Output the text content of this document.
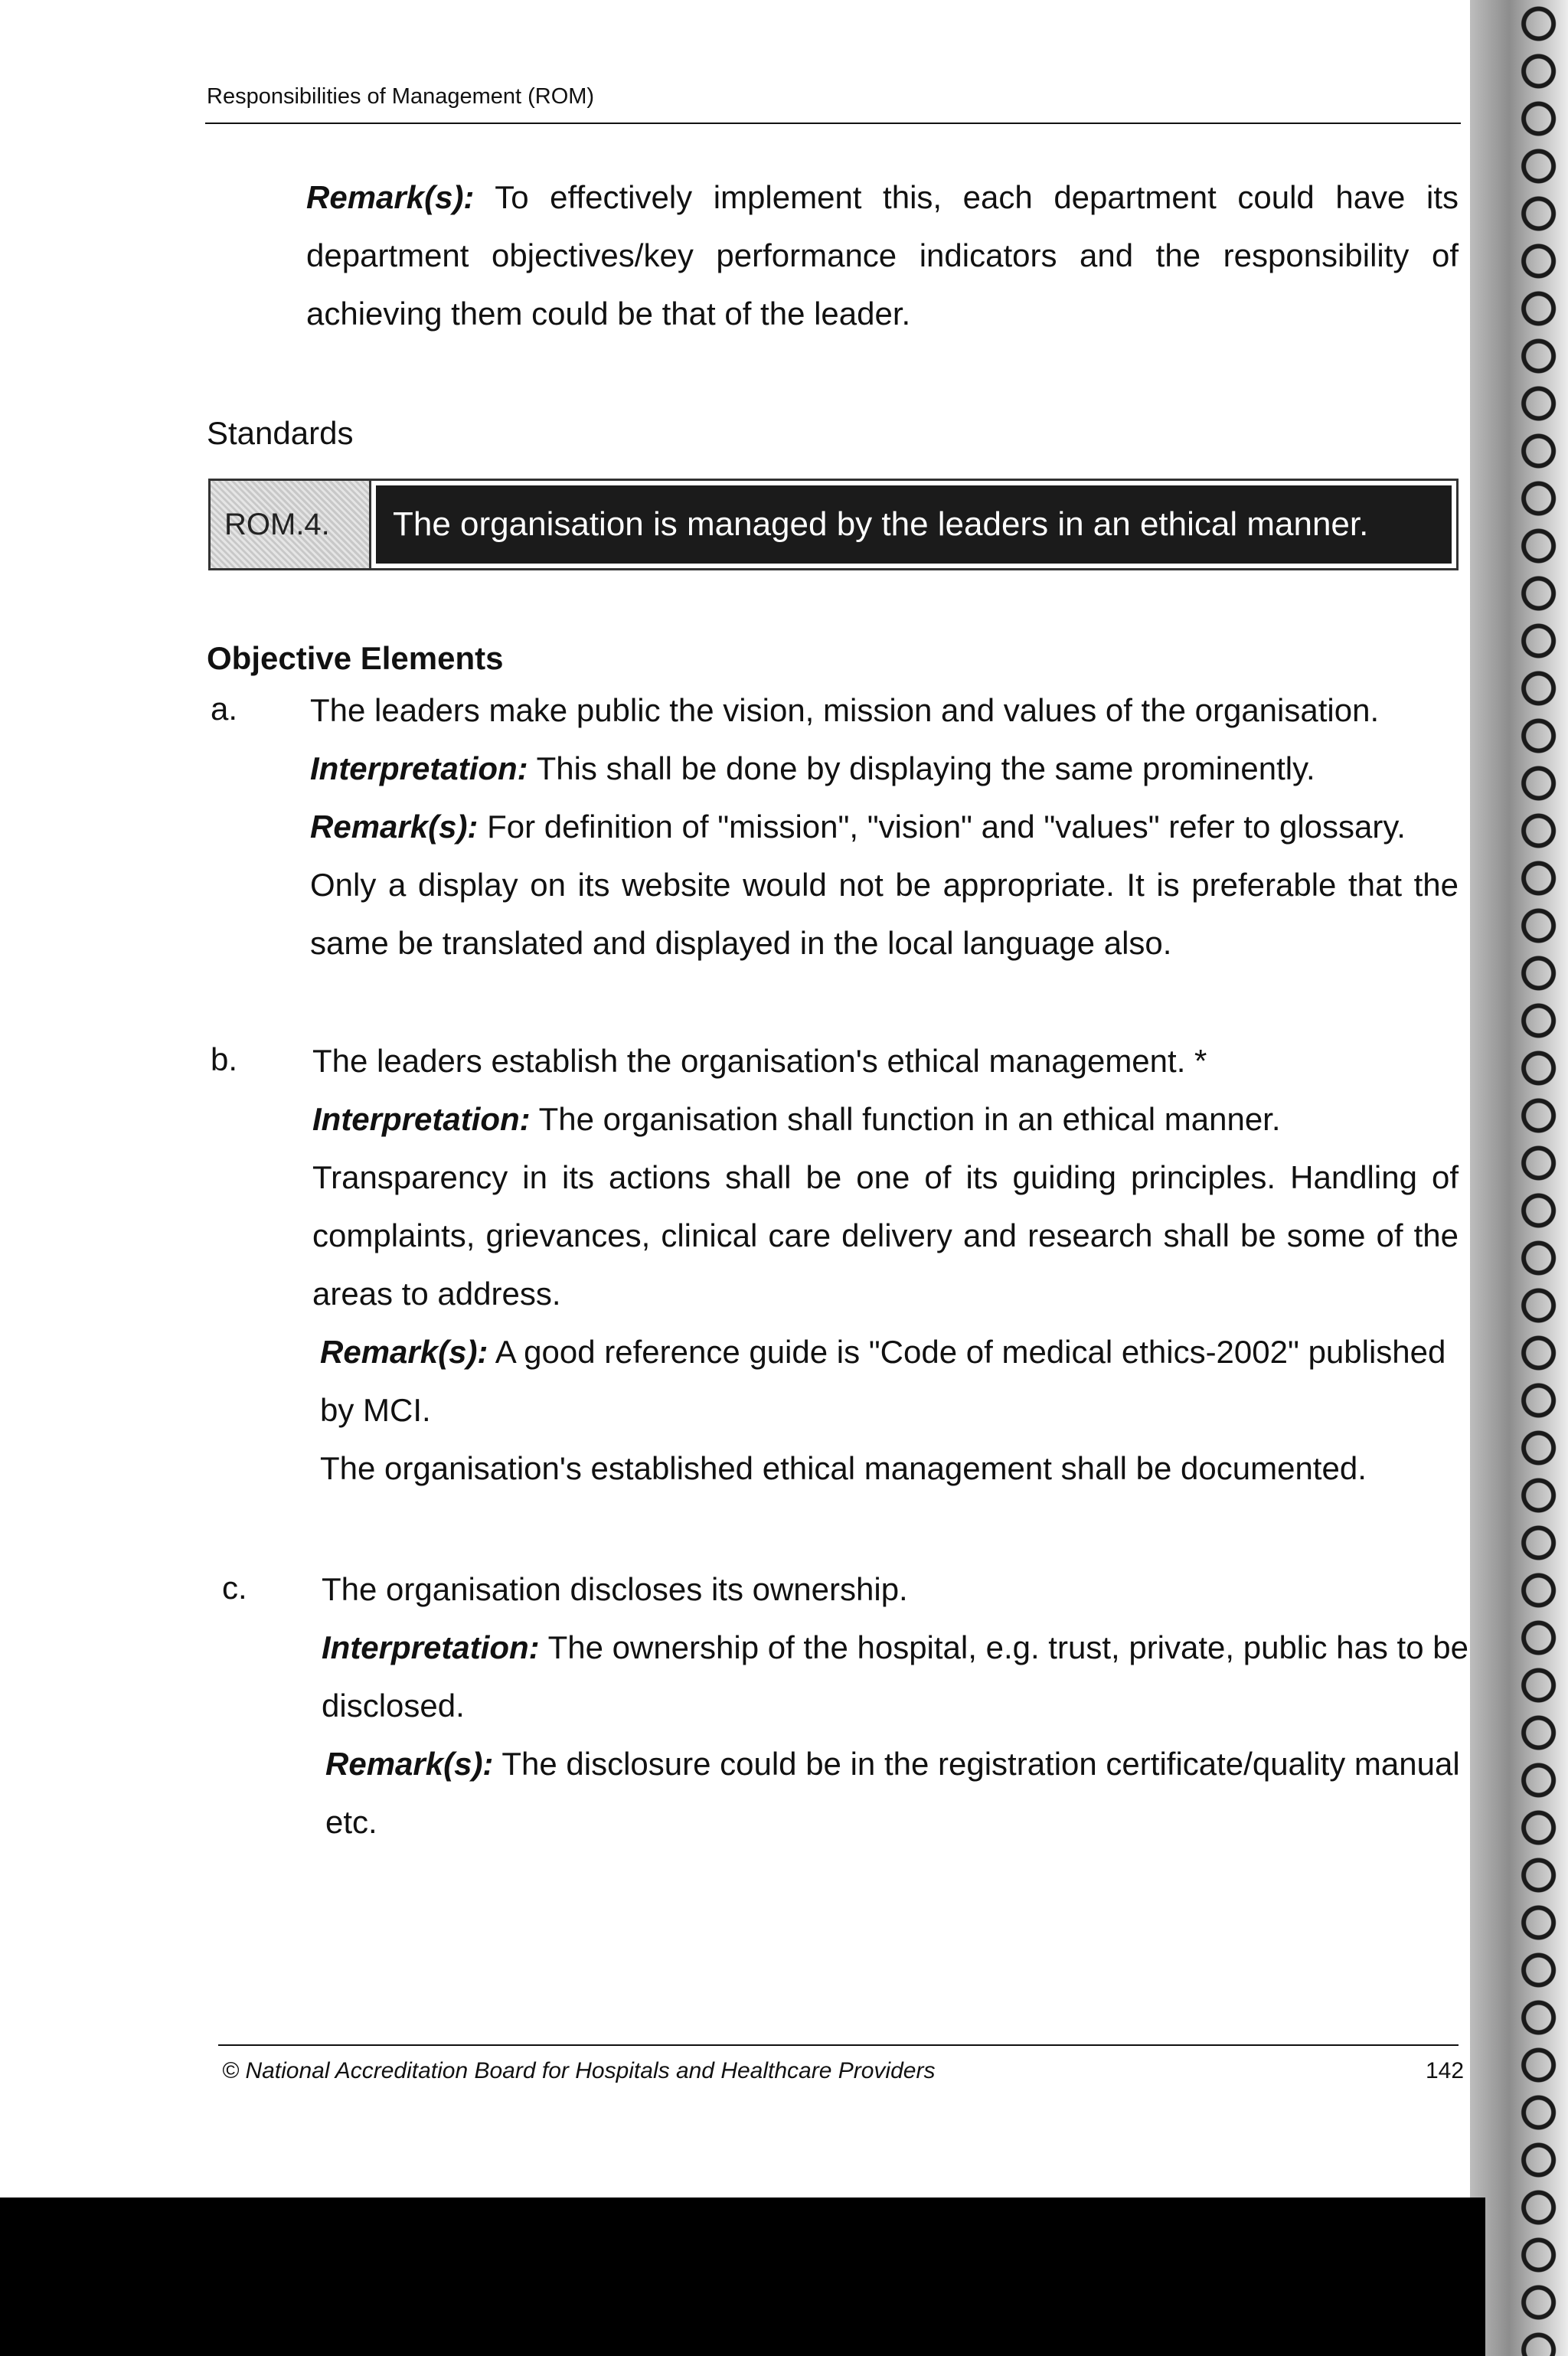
Responsibilities of Management (ROM)
Remark(s): To effectively implement this, each department could have its
department objectives/key performance indicators and the responsibility of
achieving them could be that of the leader.
Standards
ROM.4.	The organisation is managed by the leaders in an ethical manner.
Objective Elements
a. The leaders make public the vision, mission and values of the organisation.
Interpretation: This shall be done by displaying the same prominently.
Remark(s): For definition of "mission", "vision" and "values" refer to glossary.
Only a display on its website would not be appropriate. It is preferable that the
same be translated and displayed in the local language also.
b. The leaders establish the organisation's ethical management. *
Interpretation: The organisation shall function in an ethical manner.
Transparency in its actions shall be one of its guiding principles. Handling of
complaints, grievances, clinical care delivery and research shall be some of the
areas to address.
Remark(s): A good reference guide is "Code of medical ethics-2002" published
by MCI.
The organisation's established ethical management shall be documented.
c. The organisation discloses its ownership.
Interpretation: The ownership of the hospital, e.g. trust, private, public has to be
disclosed.
Remark(s): The disclosure could be in the registration certificate/quality manual
etc.
© National Accreditation Board for Hospitals and Healthcare Providers	142
